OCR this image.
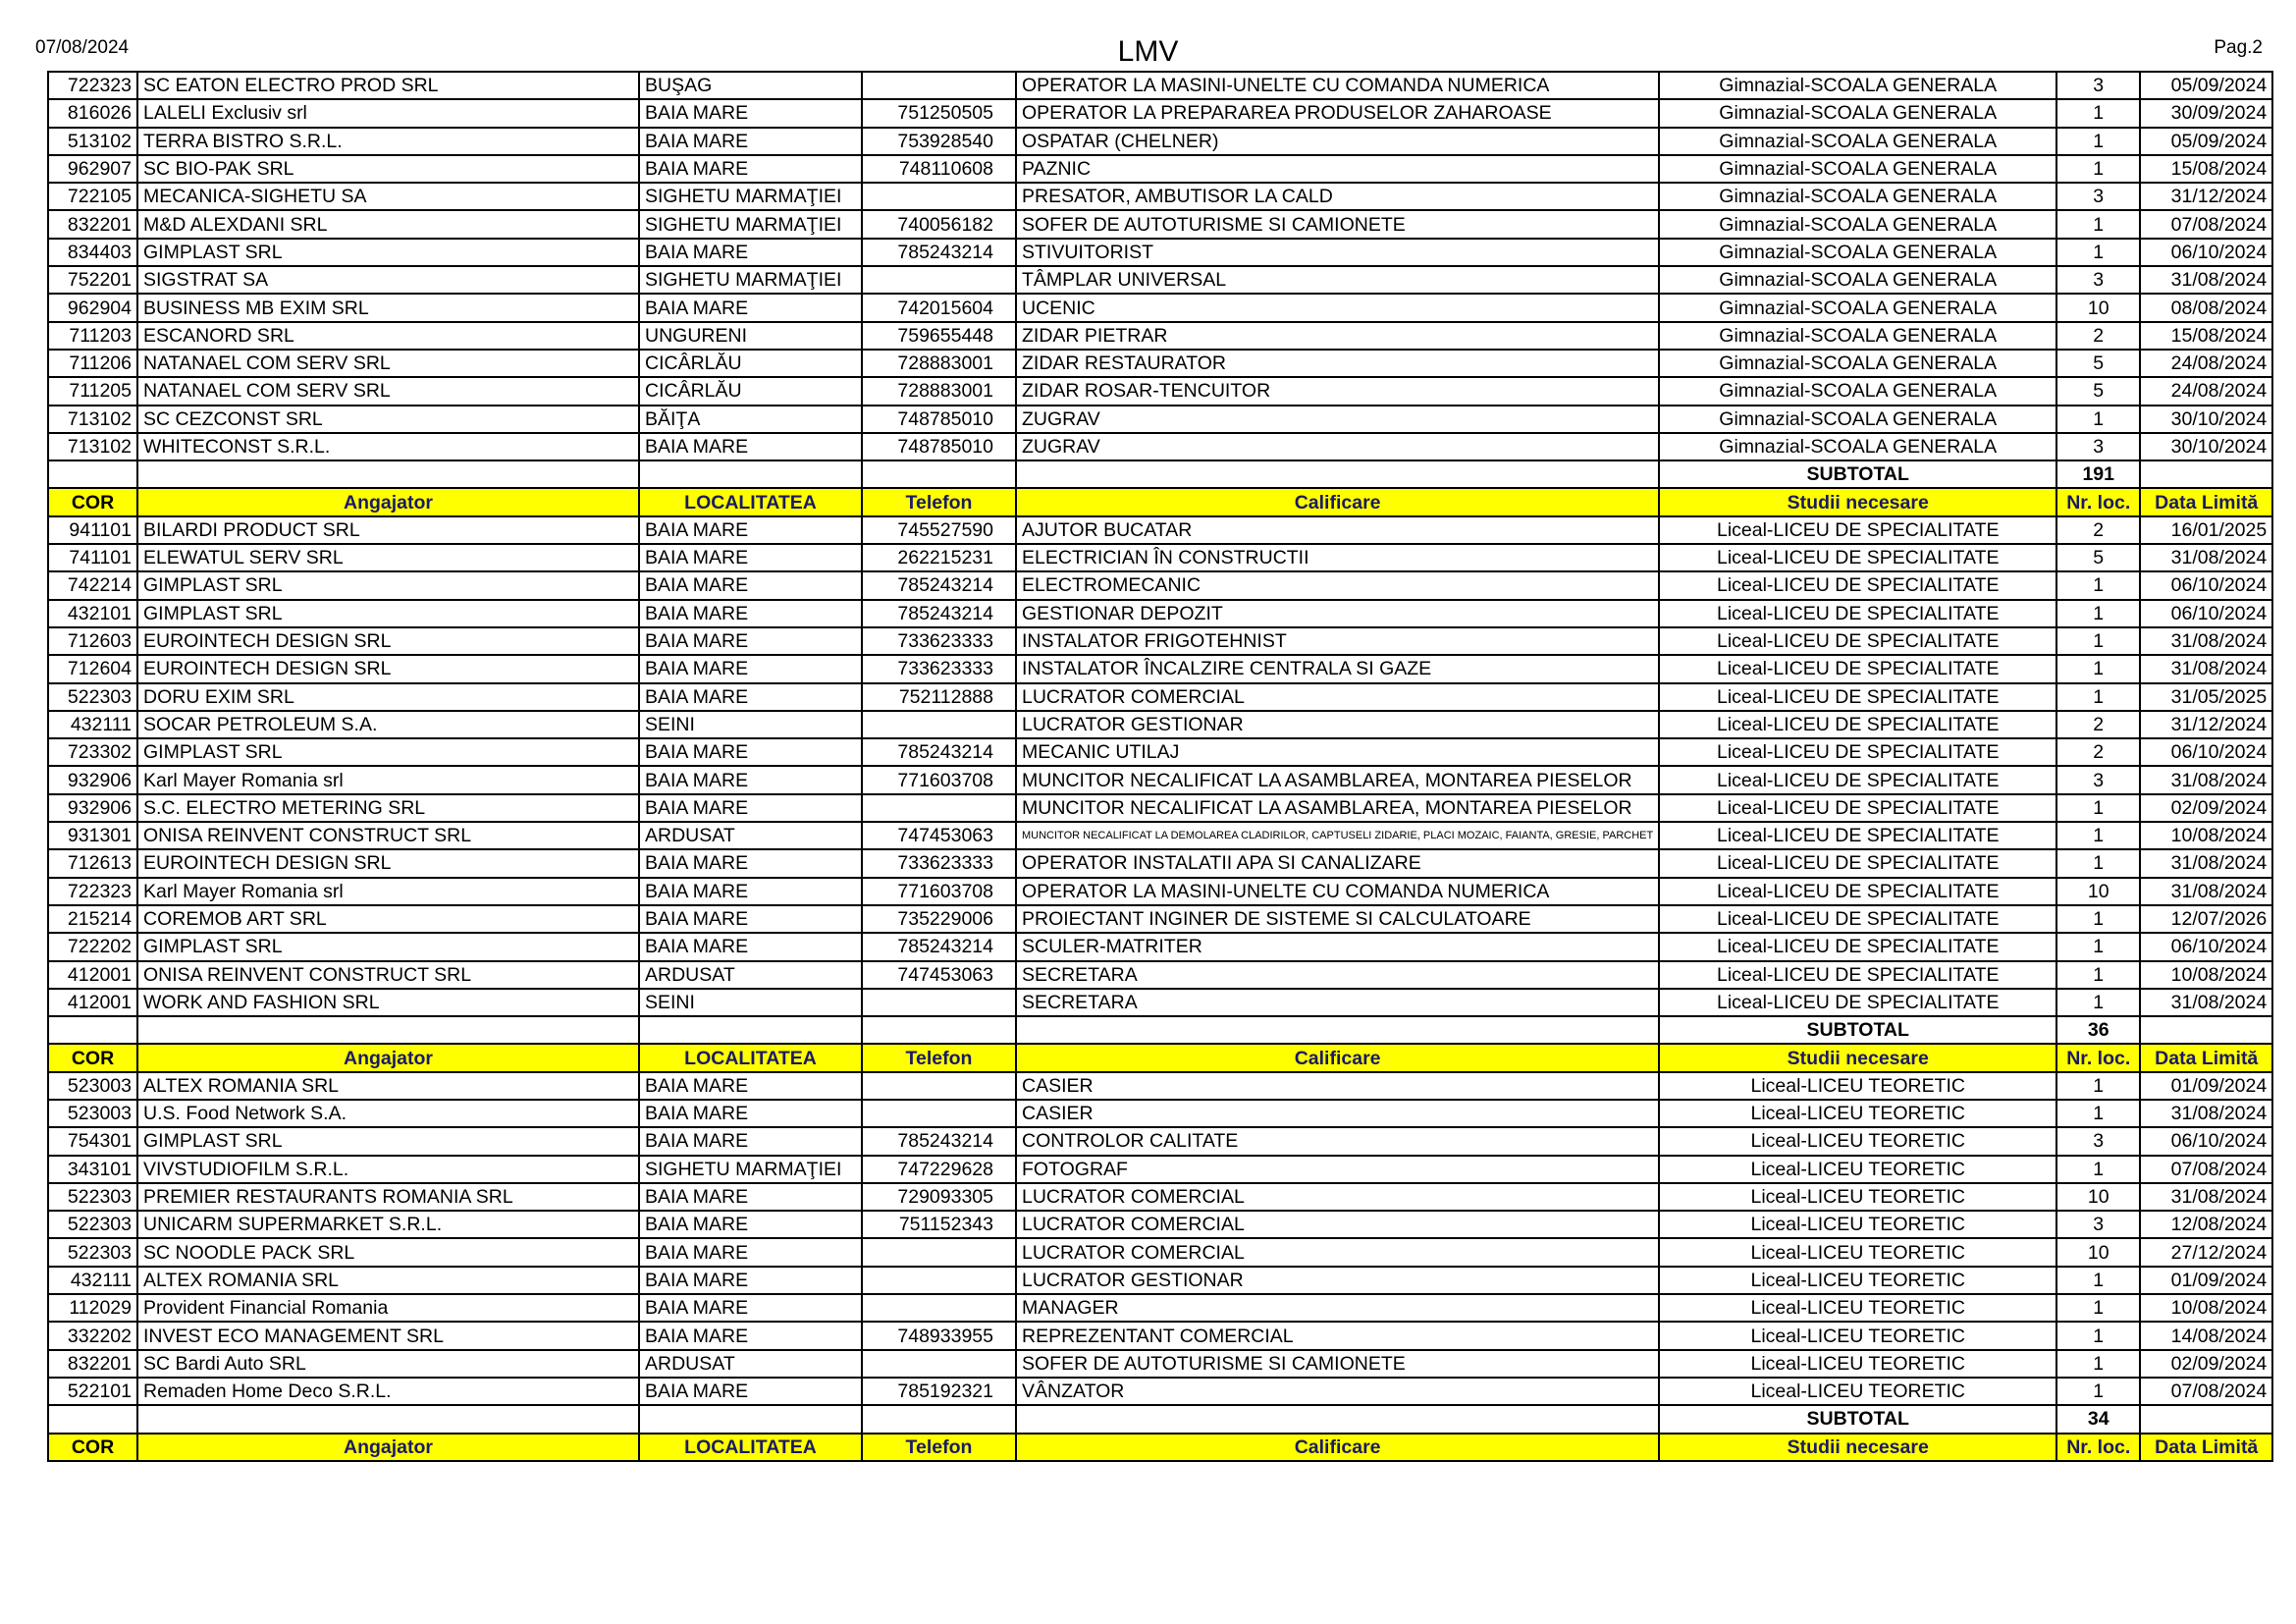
07/08/2024	LMV	Pag.2
722323	SC EATON ELECTRO PROD SRL	BUŞAG		OPERATOR LA MASINI-UNELTE CU COMANDA NUMERICA	Gimnazial-SCOALA GENERALA	3	05/09/2024
816026	LALELI Exclusiv srl	BAIA MARE	751250505	OPERATOR LA PREPARAREA PRODUSELOR ZAHAROASE	Gimnazial-SCOALA GENERALA	1	30/09/2024
513102	TERRA BISTRO S.R.L.	BAIA MARE	753928540	OSPATAR (CHELNER)	Gimnazial-SCOALA GENERALA	1	05/09/2024
962907	SC BIO-PAK SRL	BAIA MARE	748110608	PAZNIC	Gimnazial-SCOALA GENERALA	1	15/08/2024
722105	MECANICA-SIGHETU SA	SIGHETU MARMAŢIEI		PRESATOR, AMBUTISOR LA CALD	Gimnazial-SCOALA GENERALA	3	31/12/2024
832201	M&D ALEXDANI SRL	SIGHETU MARMAŢIEI	740056182	SOFER DE AUTOTURISME SI CAMIONETE	Gimnazial-SCOALA GENERALA	1	07/08/2024
834403	GIMPLAST SRL	BAIA MARE	785243214	STIVUITORIST	Gimnazial-SCOALA GENERALA	1	06/10/2024
752201	SIGSTRAT SA	SIGHETU MARMAŢIEI		TÂMPLAR UNIVERSAL	Gimnazial-SCOALA GENERALA	3	31/08/2024
962904	BUSINESS MB EXIM SRL	BAIA MARE	742015604	UCENIC	Gimnazial-SCOALA GENERALA	10	08/08/2024
711203	ESCANORD SRL	UNGURENI	759655448	ZIDAR PIETRAR	Gimnazial-SCOALA GENERALA	2	15/08/2024
711206	NATANAEL COM SERV SRL	CICÂRLĂU	728883001	ZIDAR RESTAURATOR	Gimnazial-SCOALA GENERALA	5	24/08/2024
711205	NATANAEL COM SERV SRL	CICÂRLĂU	728883001	ZIDAR ROSAR-TENCUITOR	Gimnazial-SCOALA GENERALA	5	24/08/2024
713102	SC CEZCONST SRL	BĂIŢA	748785010	ZUGRAV	Gimnazial-SCOALA GENERALA	1	30/10/2024
713102	WHITECONST S.R.L.	BAIA MARE	748785010	ZUGRAV	Gimnazial-SCOALA GENERALA	3	30/10/2024
					SUBTOTAL	191	
COR	Angajator	LOCALITATEA	Telefon	Calificare	Studii necesare	Nr. loc.	Data Limită
941101	BILARDI PRODUCT SRL	BAIA MARE	745527590	AJUTOR BUCATAR	Liceal-LICEU DE SPECIALITATE	2	16/01/2025
741101	ELEWATUL SERV SRL	BAIA MARE	262215231	ELECTRICIAN ÎN CONSTRUCTII	Liceal-LICEU DE SPECIALITATE	5	31/08/2024
742214	GIMPLAST SRL	BAIA MARE	785243214	ELECTROMECANIC	Liceal-LICEU DE SPECIALITATE	1	06/10/2024
432101	GIMPLAST SRL	BAIA MARE	785243214	GESTIONAR DEPOZIT	Liceal-LICEU DE SPECIALITATE	1	06/10/2024
712603	EUROINTECH DESIGN SRL	BAIA MARE	733623333	INSTALATOR FRIGOTEHNIST	Liceal-LICEU DE SPECIALITATE	1	31/08/2024
712604	EUROINTECH DESIGN SRL	BAIA MARE	733623333	INSTALATOR ÎNCALZIRE CENTRALA SI GAZE	Liceal-LICEU DE SPECIALITATE	1	31/08/2024
522303	DORU EXIM SRL	BAIA MARE	752112888	LUCRATOR COMERCIAL	Liceal-LICEU DE SPECIALITATE	1	31/05/2025
432111	SOCAR PETROLEUM S.A.	SEINI		LUCRATOR GESTIONAR	Liceal-LICEU DE SPECIALITATE	2	31/12/2024
723302	GIMPLAST SRL	BAIA MARE	785243214	MECANIC UTILAJ	Liceal-LICEU DE SPECIALITATE	2	06/10/2024
932906	Karl Mayer Romania srl	BAIA MARE	771603708	MUNCITOR NECALIFICAT LA ASAMBLAREA, MONTAREA PIESELOR	Liceal-LICEU DE SPECIALITATE	3	31/08/2024
932906	S.C. ELECTRO METERING SRL	BAIA MARE		MUNCITOR NECALIFICAT LA ASAMBLAREA, MONTAREA PIESELOR	Liceal-LICEU DE SPECIALITATE	1	02/09/2024
931301	ONISA REINVENT CONSTRUCT SRL	ARDUSAT	747453063	MUNCITOR NECALIFICAT LA DEMOLAREA CLADIRILOR, CAPTUSELI ZIDARIE, PLACI MOZAIC, FAIANTA, GRESIE, PARCHET	Liceal-LICEU DE SPECIALITATE	1	10/08/2024
712613	EUROINTECH DESIGN SRL	BAIA MARE	733623333	OPERATOR INSTALATII APA SI CANALIZARE	Liceal-LICEU DE SPECIALITATE	1	31/08/2024
722323	Karl Mayer Romania srl	BAIA MARE	771603708	OPERATOR LA MASINI-UNELTE CU COMANDA NUMERICA	Liceal-LICEU DE SPECIALITATE	10	31/08/2024
215214	COREMOB ART SRL	BAIA MARE	735229006	PROIECTANT INGINER DE SISTEME SI CALCULATOARE	Liceal-LICEU DE SPECIALITATE	1	12/07/2026
722202	GIMPLAST SRL	BAIA MARE	785243214	SCULER-MATRITER	Liceal-LICEU DE SPECIALITATE	1	06/10/2024
412001	ONISA REINVENT CONSTRUCT SRL	ARDUSAT	747453063	SECRETARA	Liceal-LICEU DE SPECIALITATE	1	10/08/2024
412001	WORK AND FASHION SRL	SEINI		SECRETARA	Liceal-LICEU DE SPECIALITATE	1	31/08/2024
					SUBTOTAL	36	
COR	Angajator	LOCALITATEA	Telefon	Calificare	Studii necesare	Nr. loc.	Data Limită
523003	ALTEX ROMANIA SRL	BAIA MARE		CASIER	Liceal-LICEU TEORETIC	1	01/09/2024
523003	U.S. Food Network S.A.	BAIA MARE		CASIER	Liceal-LICEU TEORETIC	1	31/08/2024
754301	GIMPLAST SRL	BAIA MARE	785243214	CONTROLOR CALITATE	Liceal-LICEU TEORETIC	3	06/10/2024
343101	VIVSTUDIOFILM S.R.L.	SIGHETU MARMAŢIEI	747229628	FOTOGRAF	Liceal-LICEU TEORETIC	1	07/08/2024
522303	PREMIER RESTAURANTS ROMANIA SRL	BAIA MARE	729093305	LUCRATOR COMERCIAL	Liceal-LICEU TEORETIC	10	31/08/2024
522303	UNICARM SUPERMARKET S.R.L.	BAIA MARE	751152343	LUCRATOR COMERCIAL	Liceal-LICEU TEORETIC	3	12/08/2024
522303	SC NOODLE PACK SRL	BAIA MARE		LUCRATOR COMERCIAL	Liceal-LICEU TEORETIC	10	27/12/2024
432111	ALTEX ROMANIA SRL	BAIA MARE		LUCRATOR GESTIONAR	Liceal-LICEU TEORETIC	1	01/09/2024
112029	Provident Financial Romania	BAIA MARE		MANAGER	Liceal-LICEU TEORETIC	1	10/08/2024
332202	INVEST ECO MANAGEMENT SRL	BAIA MARE	748933955	REPREZENTANT COMERCIAL	Liceal-LICEU TEORETIC	1	14/08/2024
832201	SC Bardi Auto SRL	ARDUSAT		SOFER DE AUTOTURISME SI CAMIONETE	Liceal-LICEU TEORETIC	1	02/09/2024
522101	Remaden Home Deco S.R.L.	BAIA MARE	785192321	VÂNZATOR	Liceal-LICEU TEORETIC	1	07/08/2024
					SUBTOTAL	34	
COR	Angajator	LOCALITATEA	Telefon	Calificare	Studii necesare	Nr. loc.	Data Limită
